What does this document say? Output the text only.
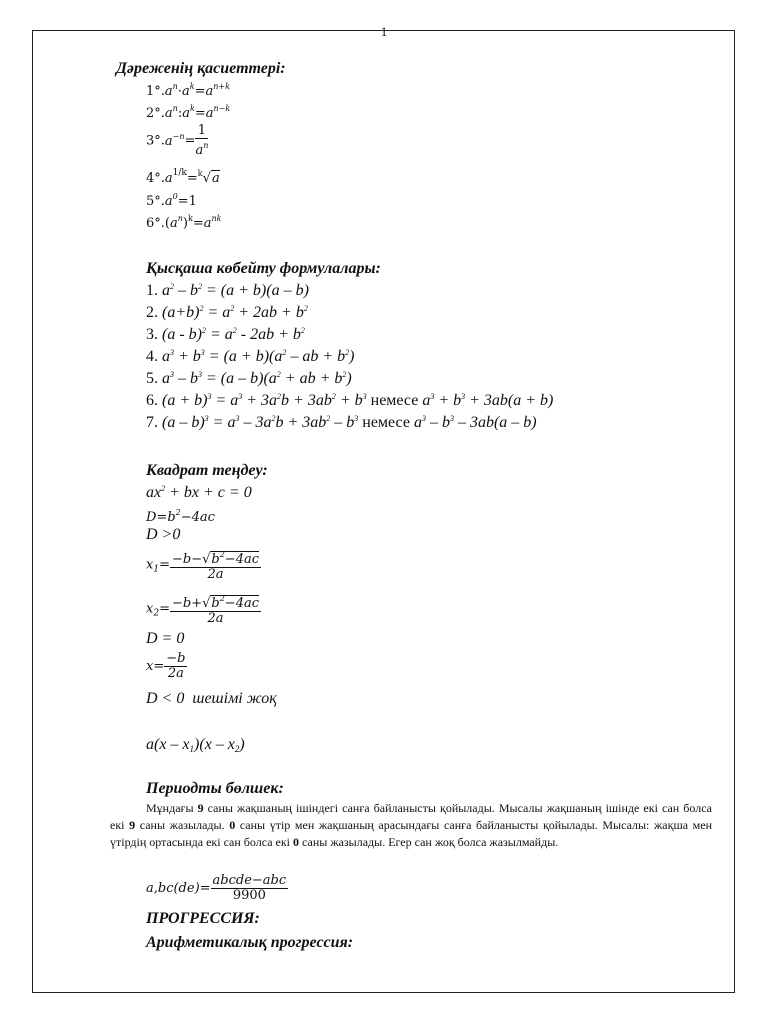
1
Дәреженің қасиеттері:
$1^\circ.a^n\cdot a^k=a^{n+k}$
$2^\circ.a^n:a^k=a^{n-k}$
$3^\circ.a^{-n}= \frac{1}{a^n}$
$4^\circ.a^{1/k}=^k√a$
$5^\circ.a^0=1$
$6^\circ.(a^n)^k=a^{nk}$
Қысқаша көбейту формулалары:
1. $a^2 - b^2 = (a + b)(a - b)$
2. $(a+b)^2 = a^2 + 2ab + b^2$
3. $(a - b)^2 = a^2 - 2ab + b^2$
4. $a^3 + b^3 = (a + b)(a^2$ – ab + $b^2$)
5. $a^3 - b^3 = (a - b)(a^2$ + ab + $b^2$)
6. $(a + b)^3 = a^3 + 3a^2b + 3ab^2 + b^3$ немесе $a^3 + b^3 + 3ab(a + b)$
7. $(a - b)^3 = a^3 - 3a^2b + 3ab^2 - b^3$ немесе $a^3 - b^3 - 3ab(a - b)$
Квадрат теңдеу:
$ax^2$ + bx + c = 0
$D=b^2-4ac$
D >0
$x_1= \frac{-b-√b^2-4ac}{2a}$
$x_2= \frac{-b+√b^2-4ac}{2a}$
D = 0
$x= \frac{-b}{2a}$
D < 0  шешімі жоқ
$a(x - x_1)(x - x_2)$
Периодты бөлшек:
Мұндағы 9 саны жақшаның ішіндегі санға байланысты қойылады. Мысалы жақшаның ішінде екі сан болса екі 9 саны жазылады. 0 саны үтір мен жақшаның арасындағы санға байланысты қойылады. Мысалы: жақша мен үтірдің ортасында екі сан болса екі 0 саны жазылады. Егер сан жоқ болса жазылмайды.
$a,bc(de)= \frac{\text{abcde−abc}}{9900}$
ПРОГРЕССИЯ:
Арифметикалық прогрессия:
